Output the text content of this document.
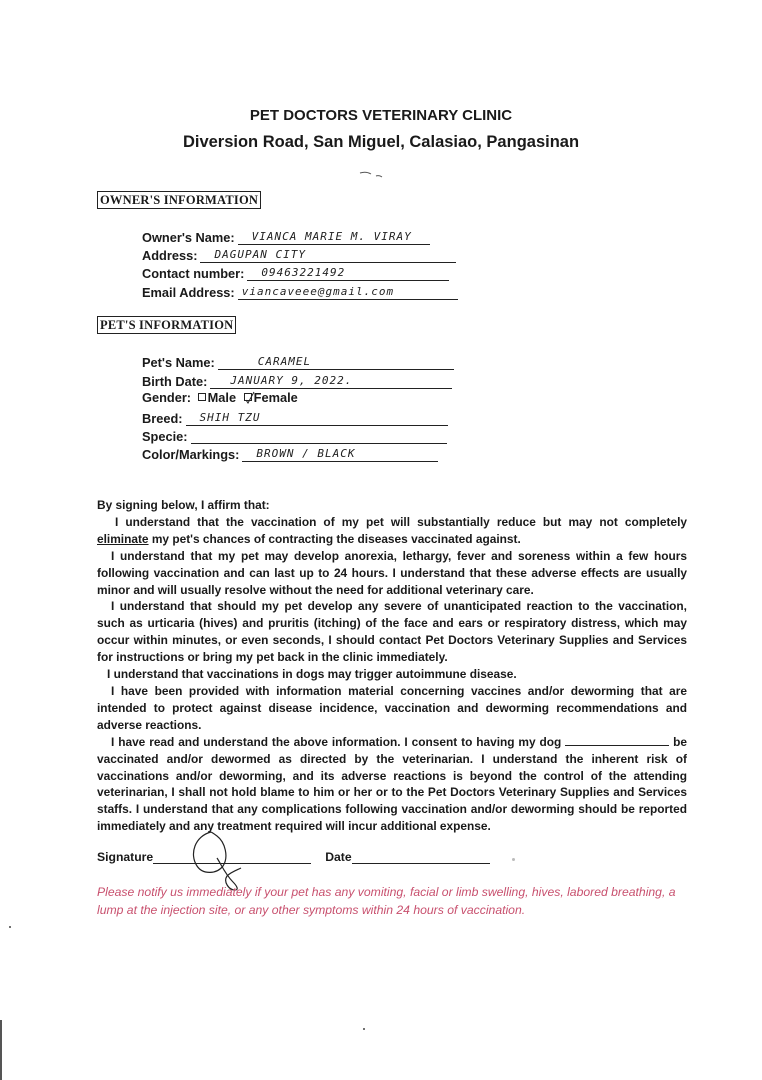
PET DOCTORS VETERINARY CLINIC
Diversion Road, San Miguel, Calasiao, Pangasinan
OWNER'S INFORMATION
Owner's Name: VIANCA MARIE M. VIRAY
Address: DAGUPAN CITY
Contact number: 09463221492
Email Address: viancaveee@gmail.com
PET'S INFORMATION
Pet's Name:	CARAMEL
Birth Date: JANUARY 9, 2022.
Gender: Male Female
Breed: SHIH TZU
Specie:
Color/Markings: BROWN / BLACK

By signing below, I affirm that:

I understand that the vaccination of my pet will substantially reduce but may not completely eliminate my pet's chances of contracting the diseases vaccinated against.

I understand that my pet may develop anorexia, lethargy, fever and soreness within a few hours following vaccination and can last up to 24 hours. I understand that these adverse effects are usually minor and will usually resolve without the need for additional veterinary care.

I understand that should my pet develop any severe of unanticipated reaction to the vaccination, such as urticaria (hives) and pruritis (itching) of the face and ears or respiratory distress, which may occur within minutes, or even seconds, I should contact Pet Doctors Veterinary Supplies and Services for instructions or bring my pet back in the clinic immediately.

I understand that vaccinations in dogs may trigger autoimmune disease.

I have been provided with information material concerning vaccines and/or deworming that are intended to protect against disease incidence, vaccination and deworming recommendations and adverse reactions.

I have read and understand the above information. I consent to having my dog	be vaccinated and/or dewormed as directed by the veterinarian. I understand the inherent risk of vaccinations and/or deworming, and its adverse reactions is beyond the control of the attending veterinarian, I shall not hold blame to him or her or to the Pet Doctors Veterinary Supplies and Services staffs. I understand that any complications following vaccination and/or deworming should be reported immediately and any treatment required will incur additional expense.

Signature	Date
Please notify us immediately if your pet has any vomiting, facial or limb swelling, hives, labored breathing, a lump at the injection site, or any other symptoms within 24 hours of vaccination.
